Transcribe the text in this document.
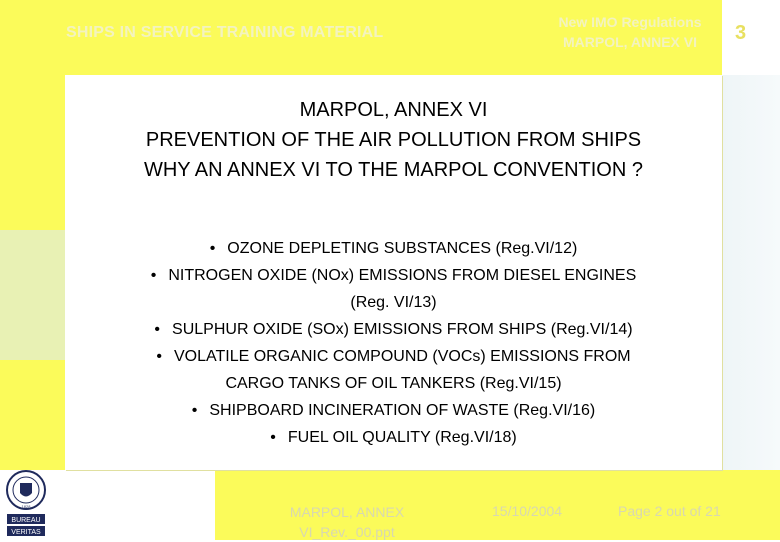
SHIPS IN SERVICE TRAINING MATERIAL
New IMO Regulations
MARPOL, ANNEX VI	3
MARPOL, ANNEX VI
PREVENTION OF THE AIR POLLUTION FROM SHIPS
WHY AN ANNEX VI TO THE MARPOL CONVENTION ?
• OZONE DEPLETING SUBSTANCES (Reg.VI/12)
• NITROGEN OXIDE (NOx) EMISSIONS FROM DIESEL ENGINES
(Reg. VI/13)
• SULPHUR OXIDE (SOx) EMISSIONS FROM SHIPS (Reg.VI/14)
• VOLATILE ORGANIC COMPOUND (VOCs) EMISSIONS FROM
CARGO TANKS OF OIL TANKERS (Reg.VI/15)
• SHIPBOARD INCINERATION OF WASTE (Reg.VI/16)
• FUEL OIL QUALITY (Reg.VI/18)
1828
BUREAU
VERITAS
MARPOL, ANNEX
VI_Rev._00.ppt
15/10/2004	Page 2 out of 21
